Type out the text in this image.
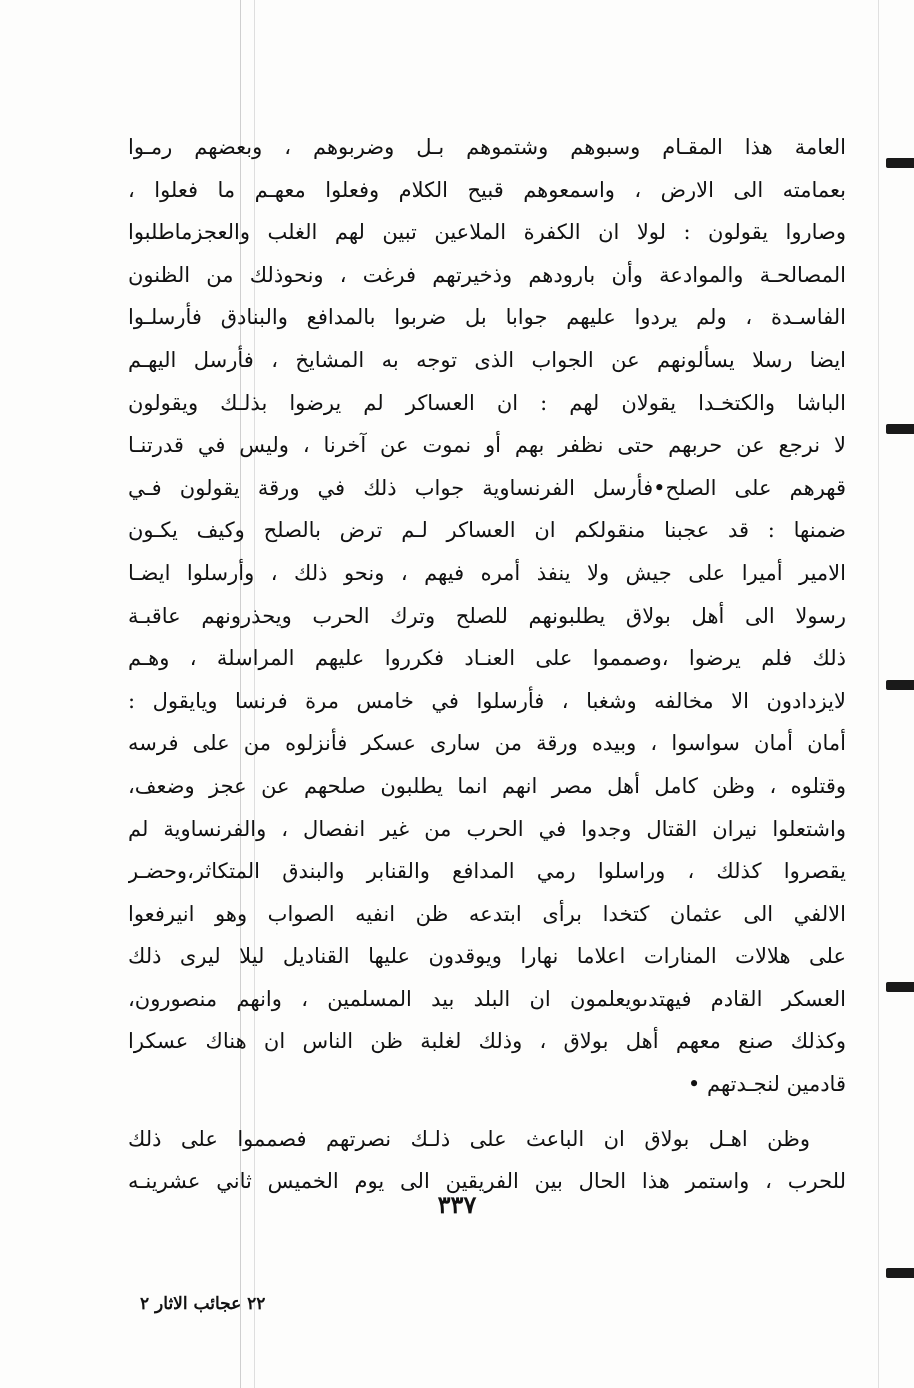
العامة هذا المقـام وسبوهم وشتموهم بـل وضربوهم ، وبعضهم رمـوا
بعمامته الى الارض ، واسمعوهم قبيح الكلام وفعلوا معهـم ما فعلوا ،
وصاروا يقولون : لولا ان الكفرة الملاعين تبين لهم الغلب والعجزماطلبوا
المصالحـة والموادعة وأن بارودهم وذخيرتهم فرغت ، ونحوذلك من الظنون
الفاسـدة ، ولم يردوا عليهم جوابا بل ضربوا بالمدافع والبنادق فأرسلـوا
ايضا رسلا يسألونهم عن الجواب الذى توجه به المشايخ ، فأرسل اليهـم
الباشا والكتخـدا يقولان لهم : ان العساكر لم يرضوا بذلـك ويقولون
لا نرجع عن حربهم حتى نظفر بهم أو نموت عن آخرنا ، وليس في قدرتنـا
قهرهم على الصلح•فأرسل الفرنساوية جواب ذلك في ورقة يقولون فـي
ضمنها : قد عجبنا منقولكم ان العساكر لـم ترض بالصلح وكيف يكـون
الامير أميرا على جيش ولا ينفذ أمره فيهم ، ونحو ذلك ، وأرسلوا ايضـا
رسولا الى أهل بولاق يطلبونهم للصلح وترك الحرب ويحذرونهم عاقبـة
ذلك فلم يرضوا ،وصمموا على العنـاد فكرروا عليهم المراسلة ، وهـم
لايزدادون الا مخالفه وشغبا ، فأرسلوا في خامس مرة فرنسا ويايقول :
أمان أمان سواسوا ، وبيده ورقة من سارى عسكر فأنزلوه من على فرسه
وقتلوه ، وظن كامل أهل مصر انهم انما يطلبون صلحهم عن عجز وضعف،
واشتعلوا نيران القتال وجدوا في الحرب من غير انفصال ، والفرنساوية لم
يقصروا كذلك ، وراسلوا رمي المدافع والقنابر والبندق المتكاثر،وحضـر
الالفي الى عثمان كتخدا برأى ابتدعه ظن انفيه الصواب وهو انيرفعوا
على هلالات المنارات اعلاما نهارا ويوقدون عليها القناديل ليلا ليرى ذلك
العسكر القادم فيهتدىويعلمون ان البلد بيد المسلمين ، وانهم منصورون،
وكذلك صنع معهم أهل بولاق ، وذلك لغلبة ظن الناس ان هناك عسكرا
قادمين لنجـدتهم •
وظن اهـل بولاق ان الباعث على ذلـك نصرتهم فصمموا على ذلك
للحرب ، واستمر هذا الحال بين الفريقين الى يوم الخميس ثاني عشرينـه
٣٣٧
٢٢ عجائب الاثار ٢
